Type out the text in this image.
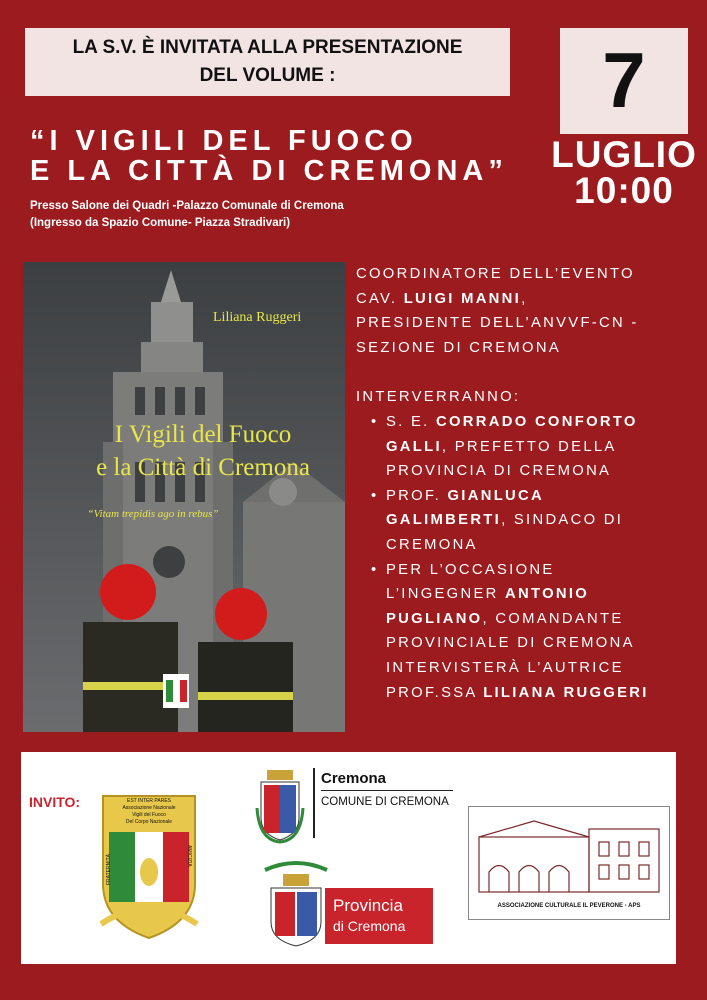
LA S.V. È INVITATA ALLA PRESENTAZIONE
DEL VOLUME :	7
LUGLIO
10:00
“I VIGILI DEL FUOCO
E LA CITTÀ DI CREMONA”
Presso Salone dei Quadri -Palazzo Comunale di Cremona
(Ingresso da Spazio Comune- Piazza Stradivari)
Liliana Ruggeri
I Vigili del Fuoco
e la Città di Cremona
“Vitam trepidis ago in rebus”
COORDINATORE DELL’EVENTO
CAV. LUIGI MANNI,
PRESIDENTE DELL’ANVVF-CN -
SEZIONE DI CREMONA
INTERVERRANNO:
• S. E. CORRADO CONFORTO
GALLI, PREFETTO DELLA
PROVINCIA DI CREMONA
• PROF. GIANLUCA
GALIMBERTI, SINDACO DI
CREMONA
• PER L’OCCASIONE
L’INGEGNER ANTONIO
PUGLIANO, COMANDANTE
PROVINCIALE DI CREMONA
INTERVISTERÀ L’AUTRICE
PROF.SSA LILIANA RUGGERI
INVITO:	EST INTER PARES
Associazione Nazionale
Vigili del Fuoco
Del Corpo Nazionale
FRATERNITÀ	AMICIZIA
Cremona
COMUNE DI CREMONA
Provincia
di Cremona
ASSOCIAZIONE CULTURALE IL PEVERONE - APS
